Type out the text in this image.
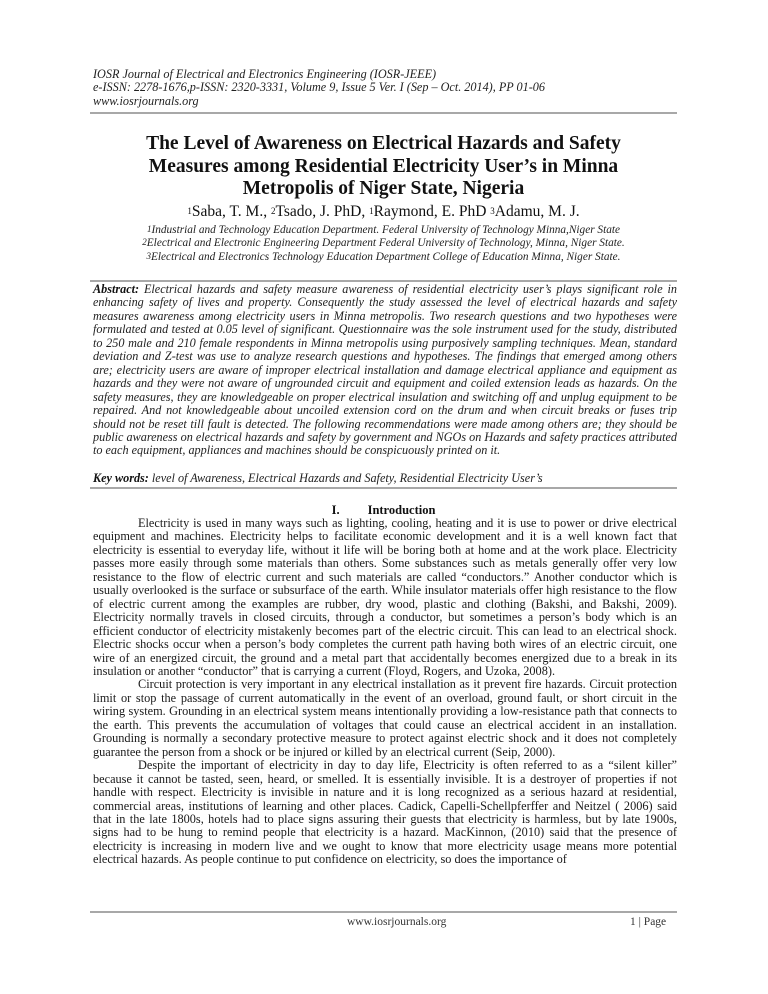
IOSR Journal of Electrical and Electronics Engineering (IOSR-JEEE)
e-ISSN: 2278-1676,p-ISSN: 2320-3331, Volume 9, Issue 5 Ver. I (Sep – Oct. 2014), PP 01-06
www.iosrjournals.org
The Level of Awareness on Electrical Hazards and Safety
Measures among Residential Electricity User’s in Minna
Metropolis of Niger State, Nigeria
$^1$Saba, T. M., $^2$Tsado, J. PhD, $^1$Raymond, E. PhD $^3$Adamu, M. J.
$^1$Industrial and Technology Education Department. Federal University of Technology Minna,Niger State
$^2$Electrical and Electronic Engineering Department Federal University of Technology, Minna, Niger State.
$^3$Electrical and Electronics Technology Education Department College of Education Minna, Niger State.
Abstract: Electrical hazards and safety measure awareness of residential electricity user’s plays significant role in enhancing safety of lives and property. Consequently the study assessed the level of electrical hazards and safety measures awareness among electricity users in Minna metropolis. Two research questions and two hypotheses were formulated and tested at 0.05 level of significant. Questionnaire was the sole instrument used for the study, distributed to 250 male and 210 female respondents in Minna metropolis using purposively sampling techniques. Mean, standard deviation and Z-test was use to analyze research questions and hypotheses. The findings that emerged among others are; electricity users are aware of improper electrical installation and damage electrical appliance and equipment as hazards and they were not aware of ungrounded circuit and equipment and coiled extension leads as hazards. On the safety measures, they are knowledgeable on proper electrical insulation and switching off and unplug equipment to be repaired. And not knowledgeable about uncoiled extension cord on the drum and when circuit breaks or fuses trip should not be reset till fault is detected. The following recommendations were made among others are; they should be public awareness on electrical hazards and safety by government and NGOs on Hazards and safety practices attributed to each equipment, appliances and machines should be conspicuously printed on it.
Key words: level of Awareness, Electrical Hazards and Safety, Residential Electricity User’s
I. Introduction

Electricity is used in many ways such as lighting, cooling, heating and it is use to power or drive electrical equipment and machines. Electricity helps to facilitate economic development and it is a well known fact that electricity is essential to everyday life, without it life will be boring both at home and at the work place. Electricity passes more easily through some materials than others. Some substances such as metals generally offer very low resistance to the flow of electric current and such materials are called “conductors.” Another conductor which is usually overlooked is the surface or subsurface of the earth. While insulator materials offer high resistance to the flow of electric current among the examples are rubber, dry wood, plastic and clothing (Bakshi, and Bakshi, 2009). Electricity normally travels in closed circuits, through a conductor, but sometimes a person’s body which is an efficient conductor of electricity mistakenly becomes part of the electric circuit. This can lead to an electrical shock. Electric shocks occur when a person’s body completes the current path having both wires of an electric circuit, one wire of an energized circuit, the ground and a metal part that accidentally becomes energized due to a break in its insulation or another “conductor” that is carrying a current (Floyd, Rogers, and Uzoka, 2008).

Circuit protection is very important in any electrical installation as it prevent fire hazards. Circuit protection limit or stop the passage of current automatically in the event of an overload, ground fault, or short circuit in the wiring system. Grounding in an electrical system means intentionally providing a low-resistance path that connects to the earth. This prevents the accumulation of voltages that could cause an electrical accident in an installation. Grounding is normally a secondary protective measure to protect against electric shock and it does not completely guarantee the person from a shock or be injured or killed by an electrical current (Seip, 2000).

Despite the important of electricity in day to day life, Electricity is often referred to as a “silent killer” because it cannot be tasted, seen, heard, or smelled. It is essentially invisible. It is a destroyer of properties if not handle with respect. Electricity is invisible in nature and it is long recognized as a serious hazard at residential, commercial areas, institutions of learning and other places. Cadick, Capelli-Schellpferffer and Neitzel ( 2006) said that in the late 1800s, hotels had to place signs assuring their guests that electricity is harmless, but by late 1900s, signs had to be hung to remind people that electricity is a hazard. MacKinnon, (2010) said that the presence of electricity is increasing in modern live and we ought to know that more electricity usage means more potential electrical hazards. As people continue to put confidence on electricity, so does the importance of

www.iosrjournals.org	1 | Page
